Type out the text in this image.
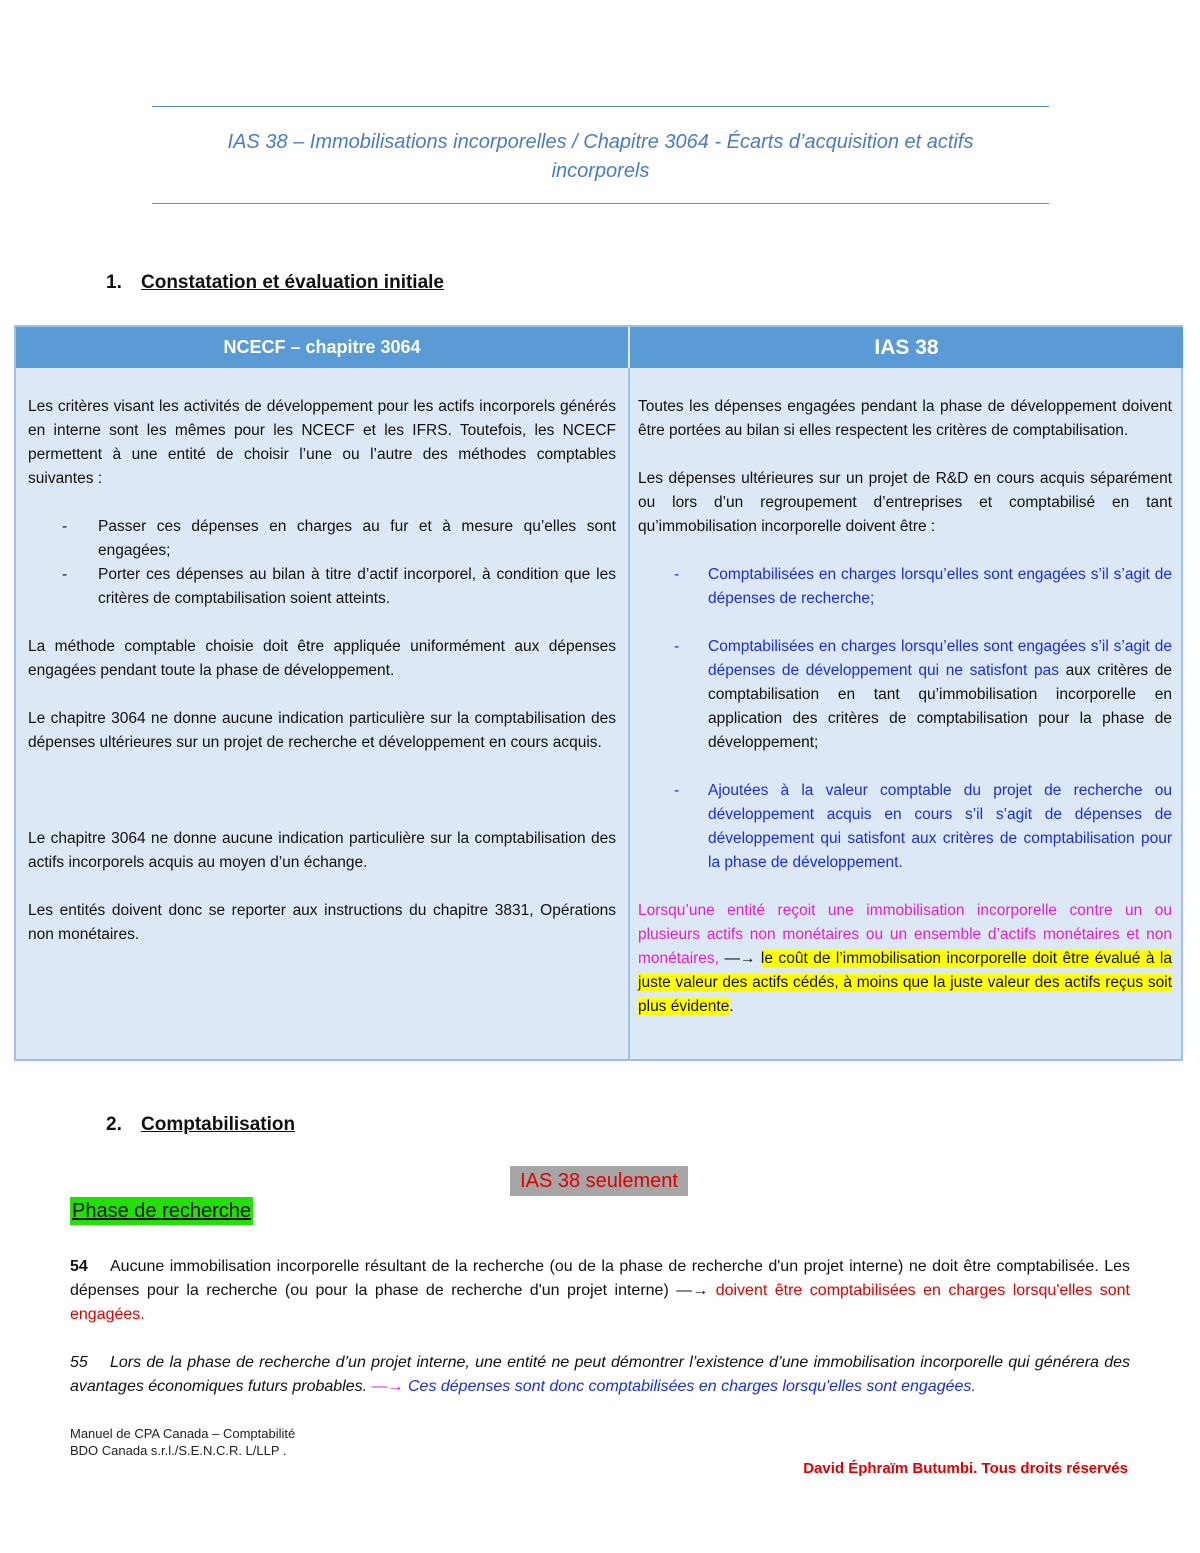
IAS 38 – Immobilisations incorporelles / Chapitre 3064 - Écarts d’acquisition et actifs
incorporels
1. Constatation et évaluation initiale
NCECF – chapitre 3064	IAS 38

Les critères visant les activités de développement pour les actifs incorporels générés en interne sont les mêmes pour les NCECF et les IFRS. Toutefois, les NCECF permettent à une entité de choisir l’une ou l’autre des méthodes comptables suivantes :

- Passer ces dépenses en charges au fur et à mesure qu’elles sont engagées;
- Porter ces dépenses au bilan à titre d’actif incorporel, à condition que les critères de comptabilisation soient atteints.

La méthode comptable choisie doit être appliquée uniformément aux dépenses engagées pendant toute la phase de développement.

Le chapitre 3064 ne donne aucune indication particulière sur la comptabilisation des dépenses ultérieures sur un projet de recherche et développement en cours acquis.

Le chapitre 3064 ne donne aucune indication particulière sur la comptabilisation des actifs incorporels acquis au moyen d’un échange.

Les entités doivent donc se reporter aux instructions du chapitre 3831, Opérations non monétaires.

Toutes les dépenses engagées pendant la phase de développement doivent être portées au bilan si elles respectent les critères de comptabilisation.

Les dépenses ultérieures sur un projet de R&D en cours acquis séparément ou lors d’un regroupement d’entreprises et comptabilisé en tant qu’immobilisation incorporelle doivent être :

- Comptabilisées en charges lorsqu’elles sont engagées s’il s’agit de dépenses de recherche;
- Comptabilisées en charges lorsqu’elles sont engagées s’il s’agit de dépenses de développement qui ne satisfont pas aux critères de comptabilisation en tant qu’immobilisation incorporelle en application des critères de comptabilisation pour la phase de développement;
- Ajoutées à la valeur comptable du projet de recherche ou développement acquis en cours s’il s’agit de dépenses de développement qui satisfont aux critères de comptabilisation pour la phase de développement.

Lorsqu’une entité reçoit une immobilisation incorporelle contre un ou plusieurs actifs non monétaires ou un ensemble d’actifs monétaires et non monétaires, —→ le coût de l’immobilisation incorporelle doit être évalué à la juste valeur des actifs cédés, à moins que la juste valeur des actifs reçus soit plus évidente.

2. Comptabilisation
IAS 38 seulement
Phase de recherche
54 Aucune immobilisation incorporelle résultant de la recherche (ou de la phase de recherche d'un projet interne) ne doit être comptabilisée. Les dépenses pour la recherche (ou pour la phase de recherche d'un projet interne) —→ doivent être comptabilisées en charges lorsqu'elles sont engagées.
55 Lors de la phase de recherche d’un projet interne, une entité ne peut démontrer l’existence d’une immobilisation incorporelle qui générera des avantages économiques futurs probables. —→ Ces dépenses sont donc comptabilisées en charges lorsqu'elles sont engagées.
Manuel de CPA Canada – Comptabilité
BDO Canada s.r.l./S.E.N.C.R. L/LLP .
David Éphraïm Butumbi. Tous droits réservés
